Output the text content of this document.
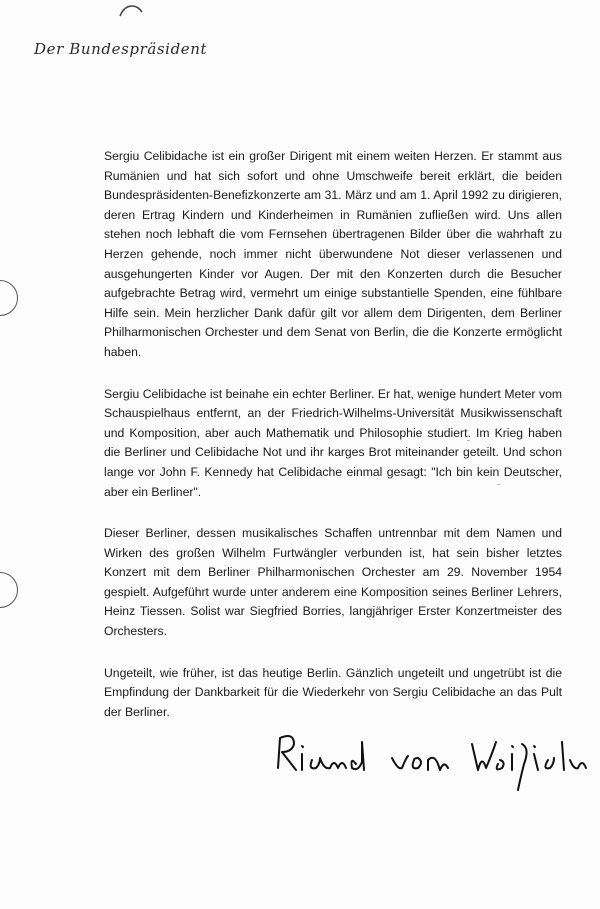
Der Bundespräsident

Sergiu Celibidache ist ein großer Dirigent mit einem weiten Herzen. Er stammt aus Rumänien und hat sich sofort und ohne Umschweife bereit erklärt, die beiden Bundespräsidenten-Benefizkonzerte am 31. März und am 1. April 1992 zu dirigieren, deren Ertrag Kindern und Kinderheimen in Rumänien zufließen wird. Uns allen stehen noch lebhaft die vom Fernsehen übertragenen Bilder über die wahrhaft zu Herzen gehende, noch immer nicht überwundene Not dieser verlassenen und ausgehungerten Kinder vor Augen. Der mit den Konzerten durch die Besucher aufgebrachte Betrag wird, vermehrt um einige substantielle Spenden, eine fühlbare Hilfe sein. Mein herzlicher Dank dafür gilt vor allem dem Dirigenten, dem Berliner Philharmonischen Orchester und dem Senat von Berlin, die die Konzerte ermöglicht haben.

Sergiu Celibidache ist beinahe ein echter Berliner. Er hat, wenige hundert Meter vom Schauspielhaus entfernt, an der Friedrich-Wilhelms-Universität Musikwissenschaft und Komposition, aber auch Mathematik und Philosophie studiert. Im Krieg haben die Berliner und Celibidache Not und ihr karges Brot miteinander geteilt. Und schon lange vor John F. Kennedy hat Celibidache einmal gesagt: "Ich bin kein Deutscher, aber ein Berliner".

Dieser Berliner, dessen musikalisches Schaffen untrennbar mit dem Namen und Wirken des großen Wilhelm Furtwängler verbunden ist, hat sein bisher letztes Konzert mit dem Berliner Philharmonischen Orchester am 29. November 1954 gespielt. Aufgeführt wurde unter anderem eine Komposition seines Berliner Lehrers, Heinz Tiessen. Solist war Siegfried Borries, langjähriger Erster Konzertmeister des Orchesters.

Ungeteilt, wie früher, ist das heutige Berlin. Gänzlich ungeteilt und ungetrübt ist die Empfindung der Dankbarkeit für die Wiederkehr von Sergiu Celibidache an das Pult der Berliner.
